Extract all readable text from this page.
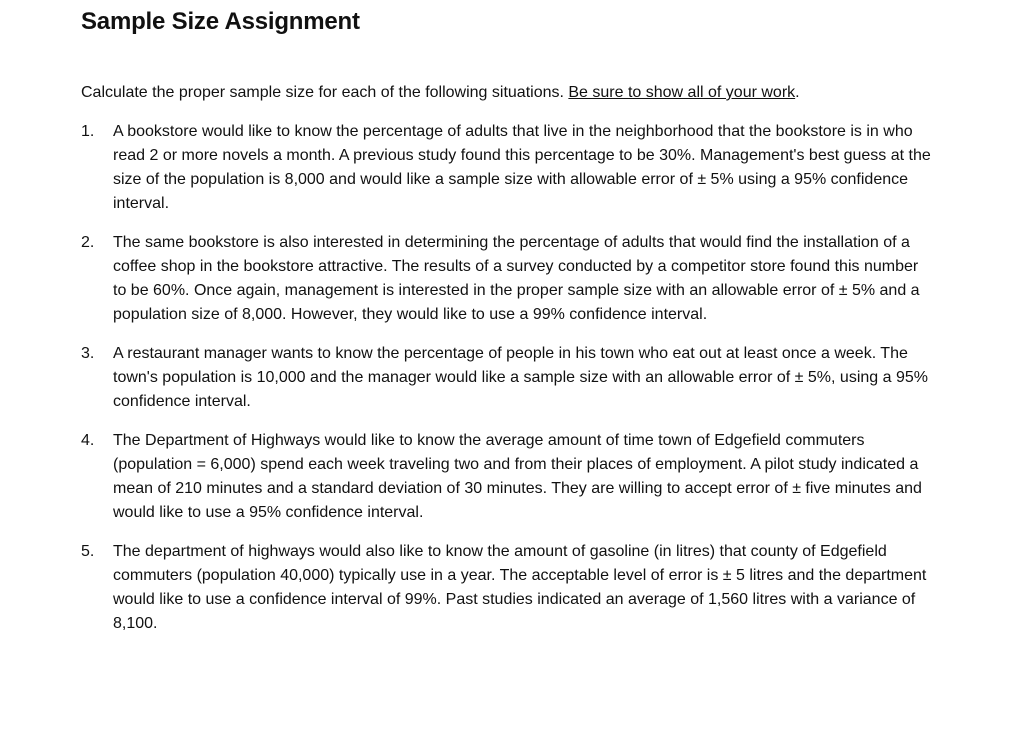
Sample Size Assignment

Calculate the proper sample size for each of the following situations. Be sure to show all of your work.

1. A bookstore would like to know the percentage of adults that live in the neighborhood that the bookstore is in who read 2 or more novels a month. A previous study found this percentage to be 30%. Management's best guess at the size of the population is 8,000 and would like a sample size with allowable error of ± 5% using a 95% confidence interval.
2. The same bookstore is also interested in determining the percentage of adults that would find the installation of a coffee shop in the bookstore attractive. The results of a survey conducted by a competitor store found this number to be 60%. Once again, management is interested in the proper sample size with an allowable error of ± 5% and a population size of 8,000. However, they would like to use a 99% confidence interval.
3. A restaurant manager wants to know the percentage of people in his town who eat out at least once a week. The town's population is 10,000 and the manager would like a sample size with an allowable error of ± 5%, using a 95% confidence interval.
4. The Department of Highways would like to know the average amount of time town of Edgefield commuters (population = 6,000) spend each week traveling two and from their places of employment. A pilot study indicated a mean of 210 minutes and a standard deviation of 30 minutes. They are willing to accept error of ± five minutes and would like to use a 95% confidence interval.
5. The department of highways would also like to know the amount of gasoline (in litres) that county of Edgefield commuters (population 40,000) typically use in a year. The acceptable level of error is ± 5 litres and the department would like to use a confidence interval of 99%. Past studies indicated an average of 1,560 litres with a variance of 8,100.
